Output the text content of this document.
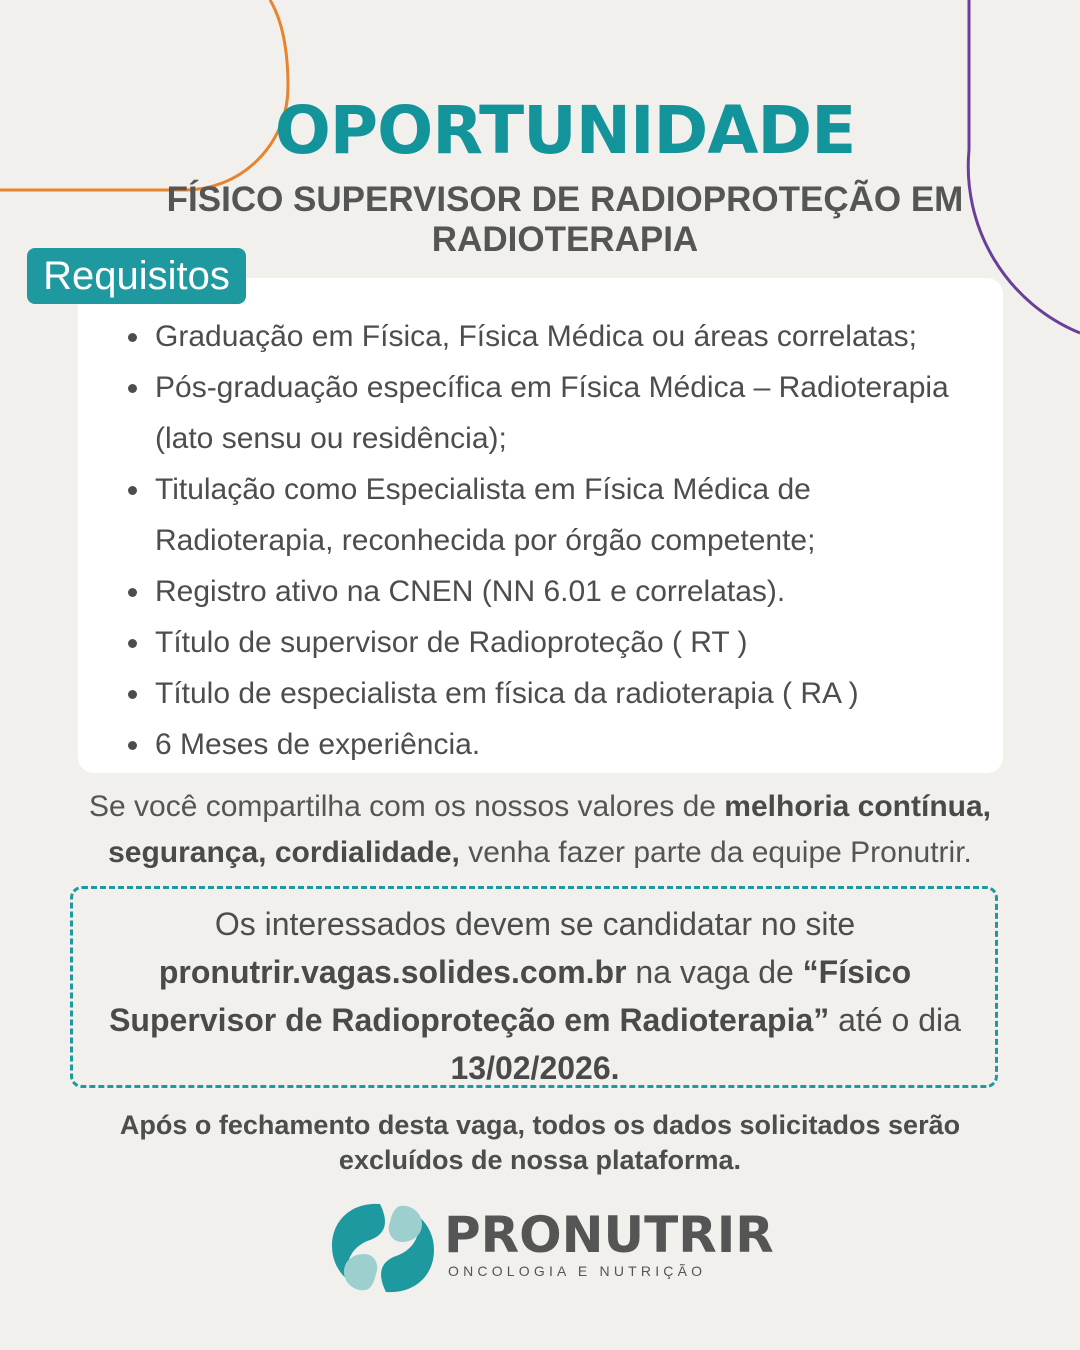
OPORTUNIDADE
FÍSICO SUPERVISOR DE RADIOPROTEÇÃO EM RADIOTERAPIA
Graduação em Física, Física Médica ou áreas correlatas;
Pós-graduação específica em Física Médica – Radioterapia (lato sensu ou residência);
Titulação como Especialista em Física Médica de Radioterapia, reconhecida por órgão competente;
Registro ativo na CNEN (NN 6.01 e correlatas).
Título de supervisor de Radioproteção ( RT )
Título de especialista em física da radioterapia ( RA )
6 Meses de experiência.
Requisitos

Se você compartilha com os nossos valores de melhoria contínua, segurança, cordialidade, venha fazer parte da equipe Pronutrir.

Os interessados devem se candidatar no site pronutrir.vagas.solides.com.br na vaga de “Físico Supervisor de Radioproteção em Radioterapia” até o dia 13/02/2026.

Após o fechamento desta vaga, todos os dados solicitados serão excluídos de nossa plataforma.

PRONUTRIR
ONCOLOGIA E NUTRIÇÃO
